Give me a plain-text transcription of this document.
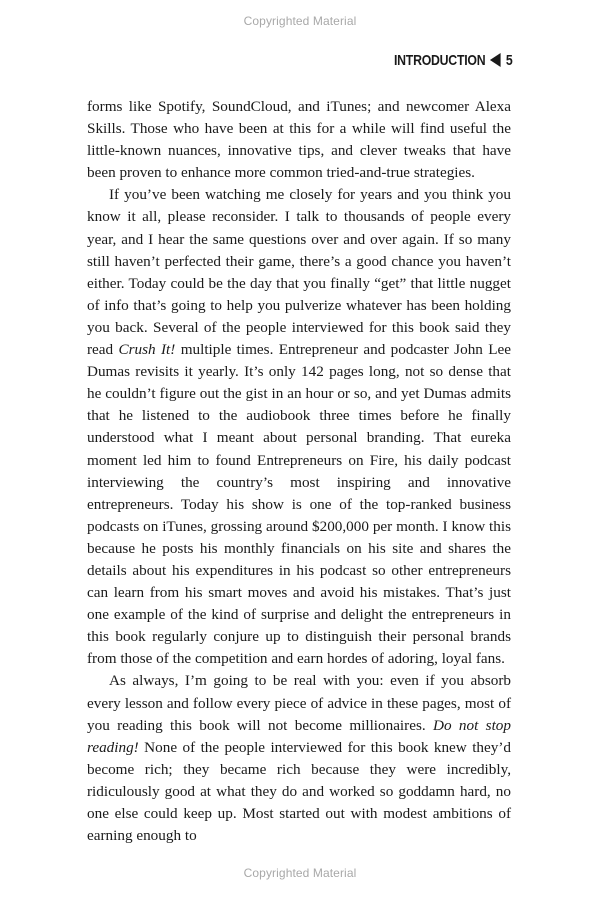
Copyrighted Material
INTRODUCTION 5

forms like Spotify, SoundCloud, and iTunes; and newcomer Alexa Skills. Those who have been at this for a while will find useful the little-known nuances, innovative tips, and clever tweaks that have been proven to enhance more common tried-and-true strategies.

If you’ve been watching me closely for years and you think you know it all, please reconsider. I talk to thousands of people every year, and I hear the same questions over and over again. If so many still haven’t perfected their game, there’s a good chance you haven’t either. Today could be the day that you finally “get” that little nugget of info that’s going to help you pulverize whatever has been holding you back. Several of the people interviewed for this book said they read Crush It! multiple times. Entrepreneur and podcaster John Lee Dumas revisits it yearly. It’s only 142 pages long, not so dense that he couldn’t figure out the gist in an hour or so, and yet Dumas admits that he listened to the audiobook three times before he finally understood what I meant about personal branding. That eureka moment led him to found Entrepreneurs on Fire, his daily podcast interviewing the country’s most inspiring and innovative entrepreneurs. Today his show is one of the top-ranked business podcasts on iTunes, grossing around $200,000 per month. I know this because he posts his monthly financials on his site and shares the details about his expenditures in his podcast so other entrepreneurs can learn from his smart moves and avoid his mistakes. That’s just one example of the kind of surprise and delight the entrepreneurs in this book regularly conjure up to distinguish their personal brands from those of the competition and earn hordes of adoring, loyal fans.

As always, I’m going to be real with you: even if you absorb every lesson and follow every piece of advice in these pages, most of you reading this book will not become millionaires. Do not stop reading! None of the people interviewed for this book knew they’d become rich; they became rich because they were incredibly, ridiculously good at what they do and worked so goddamn hard, no one else could keep up. Most started out with modest ambitions of earning enough to

Copyrighted Material
